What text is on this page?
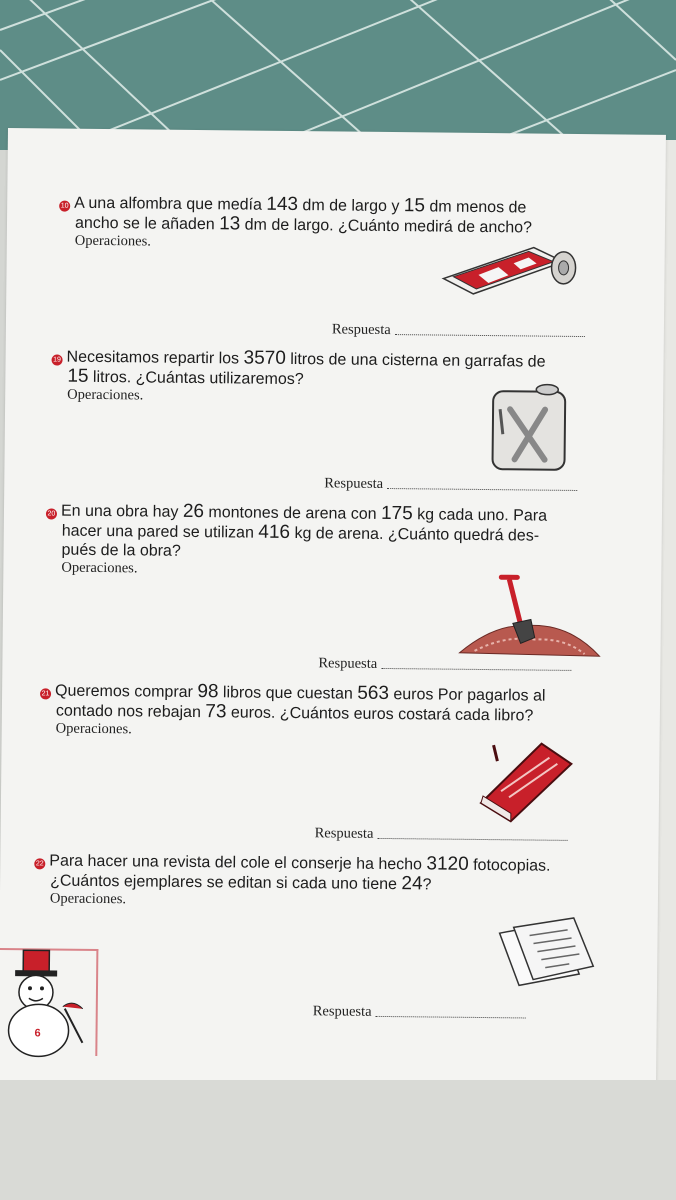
10 A una alfombra que medía 143 dm de largo y 15 dm menos de

ancho se le añaden 13 dm de largo. ¿Cuánto medirá de ancho?

Operaciones.

Respuesta

19 Necesitamos repartir los 3570 litros de una cisterna en garrafas de

15 litros. ¿Cuántas utilizaremos?

Operaciones.

Respuesta

20 En una obra hay 26 montones de arena con 175 kg cada uno. Para

hacer una pared se utilizan 416 kg de arena. ¿Cuánto quedrá des-

pués de la obra?

Operaciones.

Respuesta

21 Queremos comprar 98 libros que cuestan 563 euros Por pagarlos al

contado nos rebajan 73 euros. ¿Cuántos euros costará cada libro?

Operaciones.

Respuesta

22 Para hacer una revista del cole el conserje ha hecho 3120 fotocopias.

¿Cuántos ejemplares se editan si cada uno tiene 24?

Operaciones.

Respuesta
6
